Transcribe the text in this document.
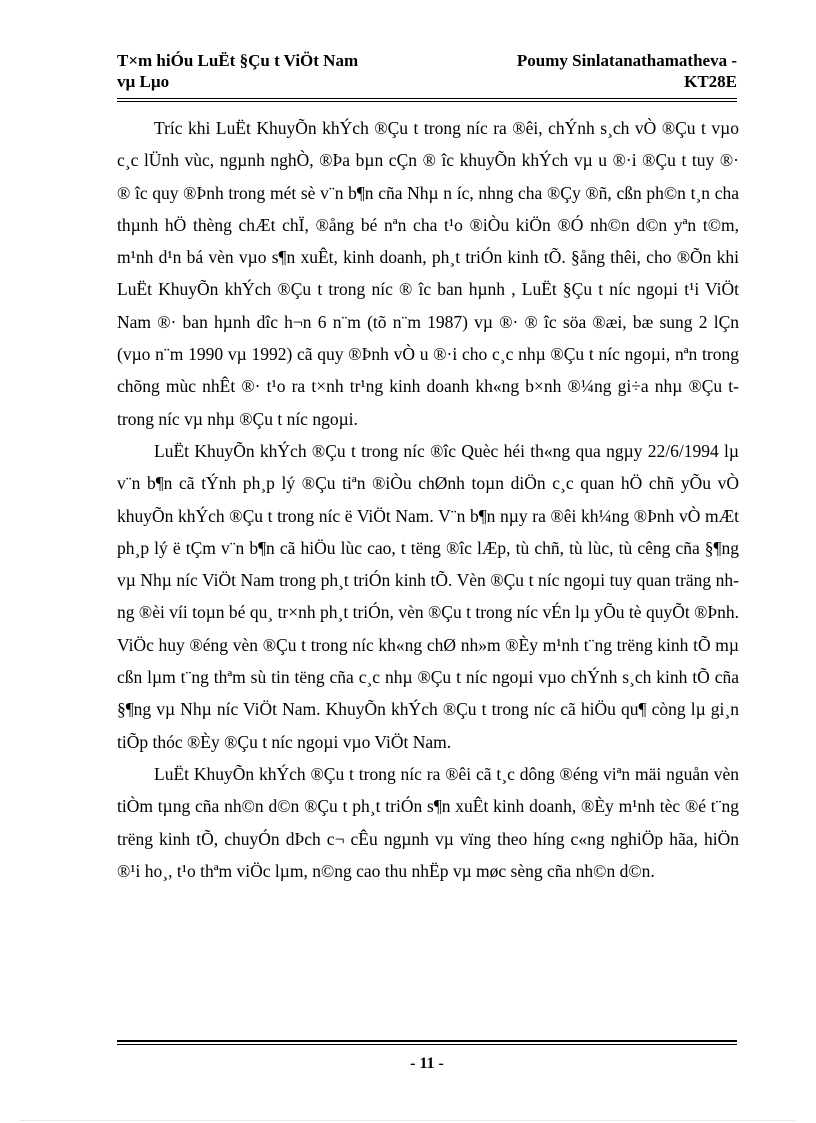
T×m hiÓu LuËt §Çu t ViÖt Nam
vµ Lµo
Poumy Sinlatanathamatheva -
KT28E

Tríc khi LuËt KhuyÕn khÝch ®Çu t trong níc ra ®êi, chÝnh s¸ch vÒ ®Çu t vµo c¸c lÜnh vùc, ngµnh nghÒ, ®Þa bµn cÇn ® îc khuyÕn khÝch vµ u ®·i ®Çu t tuy ®· ® îc quy ®Þnh trong mét sè v¨n b¶n cña Nhµ n íc, nhng cha ®Çy ®ñ, cßn ph©n t¸n cha thµnh hÖ thèng chÆt chÏ, ®ång bé nªn cha t¹o ®iÒu kiÖn ®Ó nh©n d©n yªn t©m, m¹nh d¹n bá vèn vµo s¶n xuÊt, kinh doanh, ph¸t triÓn kinh tÕ. §ång thêi, cho ®Õn khi LuËt KhuyÕn khÝch ®Çu t trong níc ® îc ban hµnh , LuËt §Çu t níc ngoµi t¹i ViÖt Nam ®· ban hµnh dîc h¬n 6 n¨m (tõ n¨m 1987) vµ ®· ® îc söa ®æi, bæ sung 2 lÇn (vµo n¨m 1990 vµ 1992) cã quy ®Þnh vÒ u ®·i cho c¸c nhµ ®Çu t níc ngoµi, nªn trong chõng mùc nhÊt ®· t¹o ra t×nh tr¹ng kinh doanh kh«ng b×nh ®¼ng gi÷a nhµ ®Çu t trong níc vµ nhµ ®Çu t níc ngoµi.

LuËt KhuyÕn khÝch ®Çu t trong níc ®îc Quèc héi th«ng qua ngµy 22/6/1994 lµ v¨n b¶n cã tÝnh ph¸p lý ®Çu tiªn ®iÒu chØnh toµn diÖn c¸c quan hÖ chñ yÕu vÒ khuyÕn khÝch ®Çu t trong níc ë ViÖt Nam. V¨n b¶n nµy ra ®êi kh¼ng ®Þnh vÒ mÆt ph¸p lý ë tÇm v¨n b¶n cã hiÖu lùc cao, t tëng ®îc lÆp, tù chñ, tù lùc, tù cêng cña §¶ng vµ Nhµ níc ViÖt Nam trong ph¸t triÓn kinh tÕ. Vèn ®Çu t níc ngoµi tuy quan träng nhng ®èi víi toµn bé qu¸ tr×nh ph¸t triÓn, vèn ®Çu t trong níc vÉn lµ yÕu tè quyÕt ®Þnh. ViÖc huy ®éng vèn ®Çu t trong níc kh«ng chØ nh»m ®Èy m¹nh t¨ng trëng kinh tÕ mµ cßn lµm t¨ng thªm sù tin tëng cña c¸c nhµ ®Çu t níc ngoµi vµo chÝnh s¸ch kinh tÕ cña §¶ng vµ Nhµ níc ViÖt Nam. KhuyÕn khÝch ®Çu t trong níc cã hiÖu qu¶ còng lµ gi¸n tiÕp thóc ®Èy ®Çu t níc ngoµi vµo ViÖt Nam.

LuËt KhuyÕn khÝch ®Çu t trong níc ra ®êi cã t¸c dông ®éng viªn mäi nguån vèn tiÒm tµng cña nh©n d©n ®Çu t ph¸t triÓn s¶n xuÊt kinh doanh, ®Èy m¹nh tèc ®é t¨ng trëng kinh tÕ, chuyÓn dÞch c¬ cÊu ngµnh vµ vïng theo híng c«ng nghiÖp hãa, hiÖn ®¹i ho¸, t¹o thªm viÖc lµm, n©ng cao thu nhËp vµ møc sèng cña nh©n d©n.

- 11 -
